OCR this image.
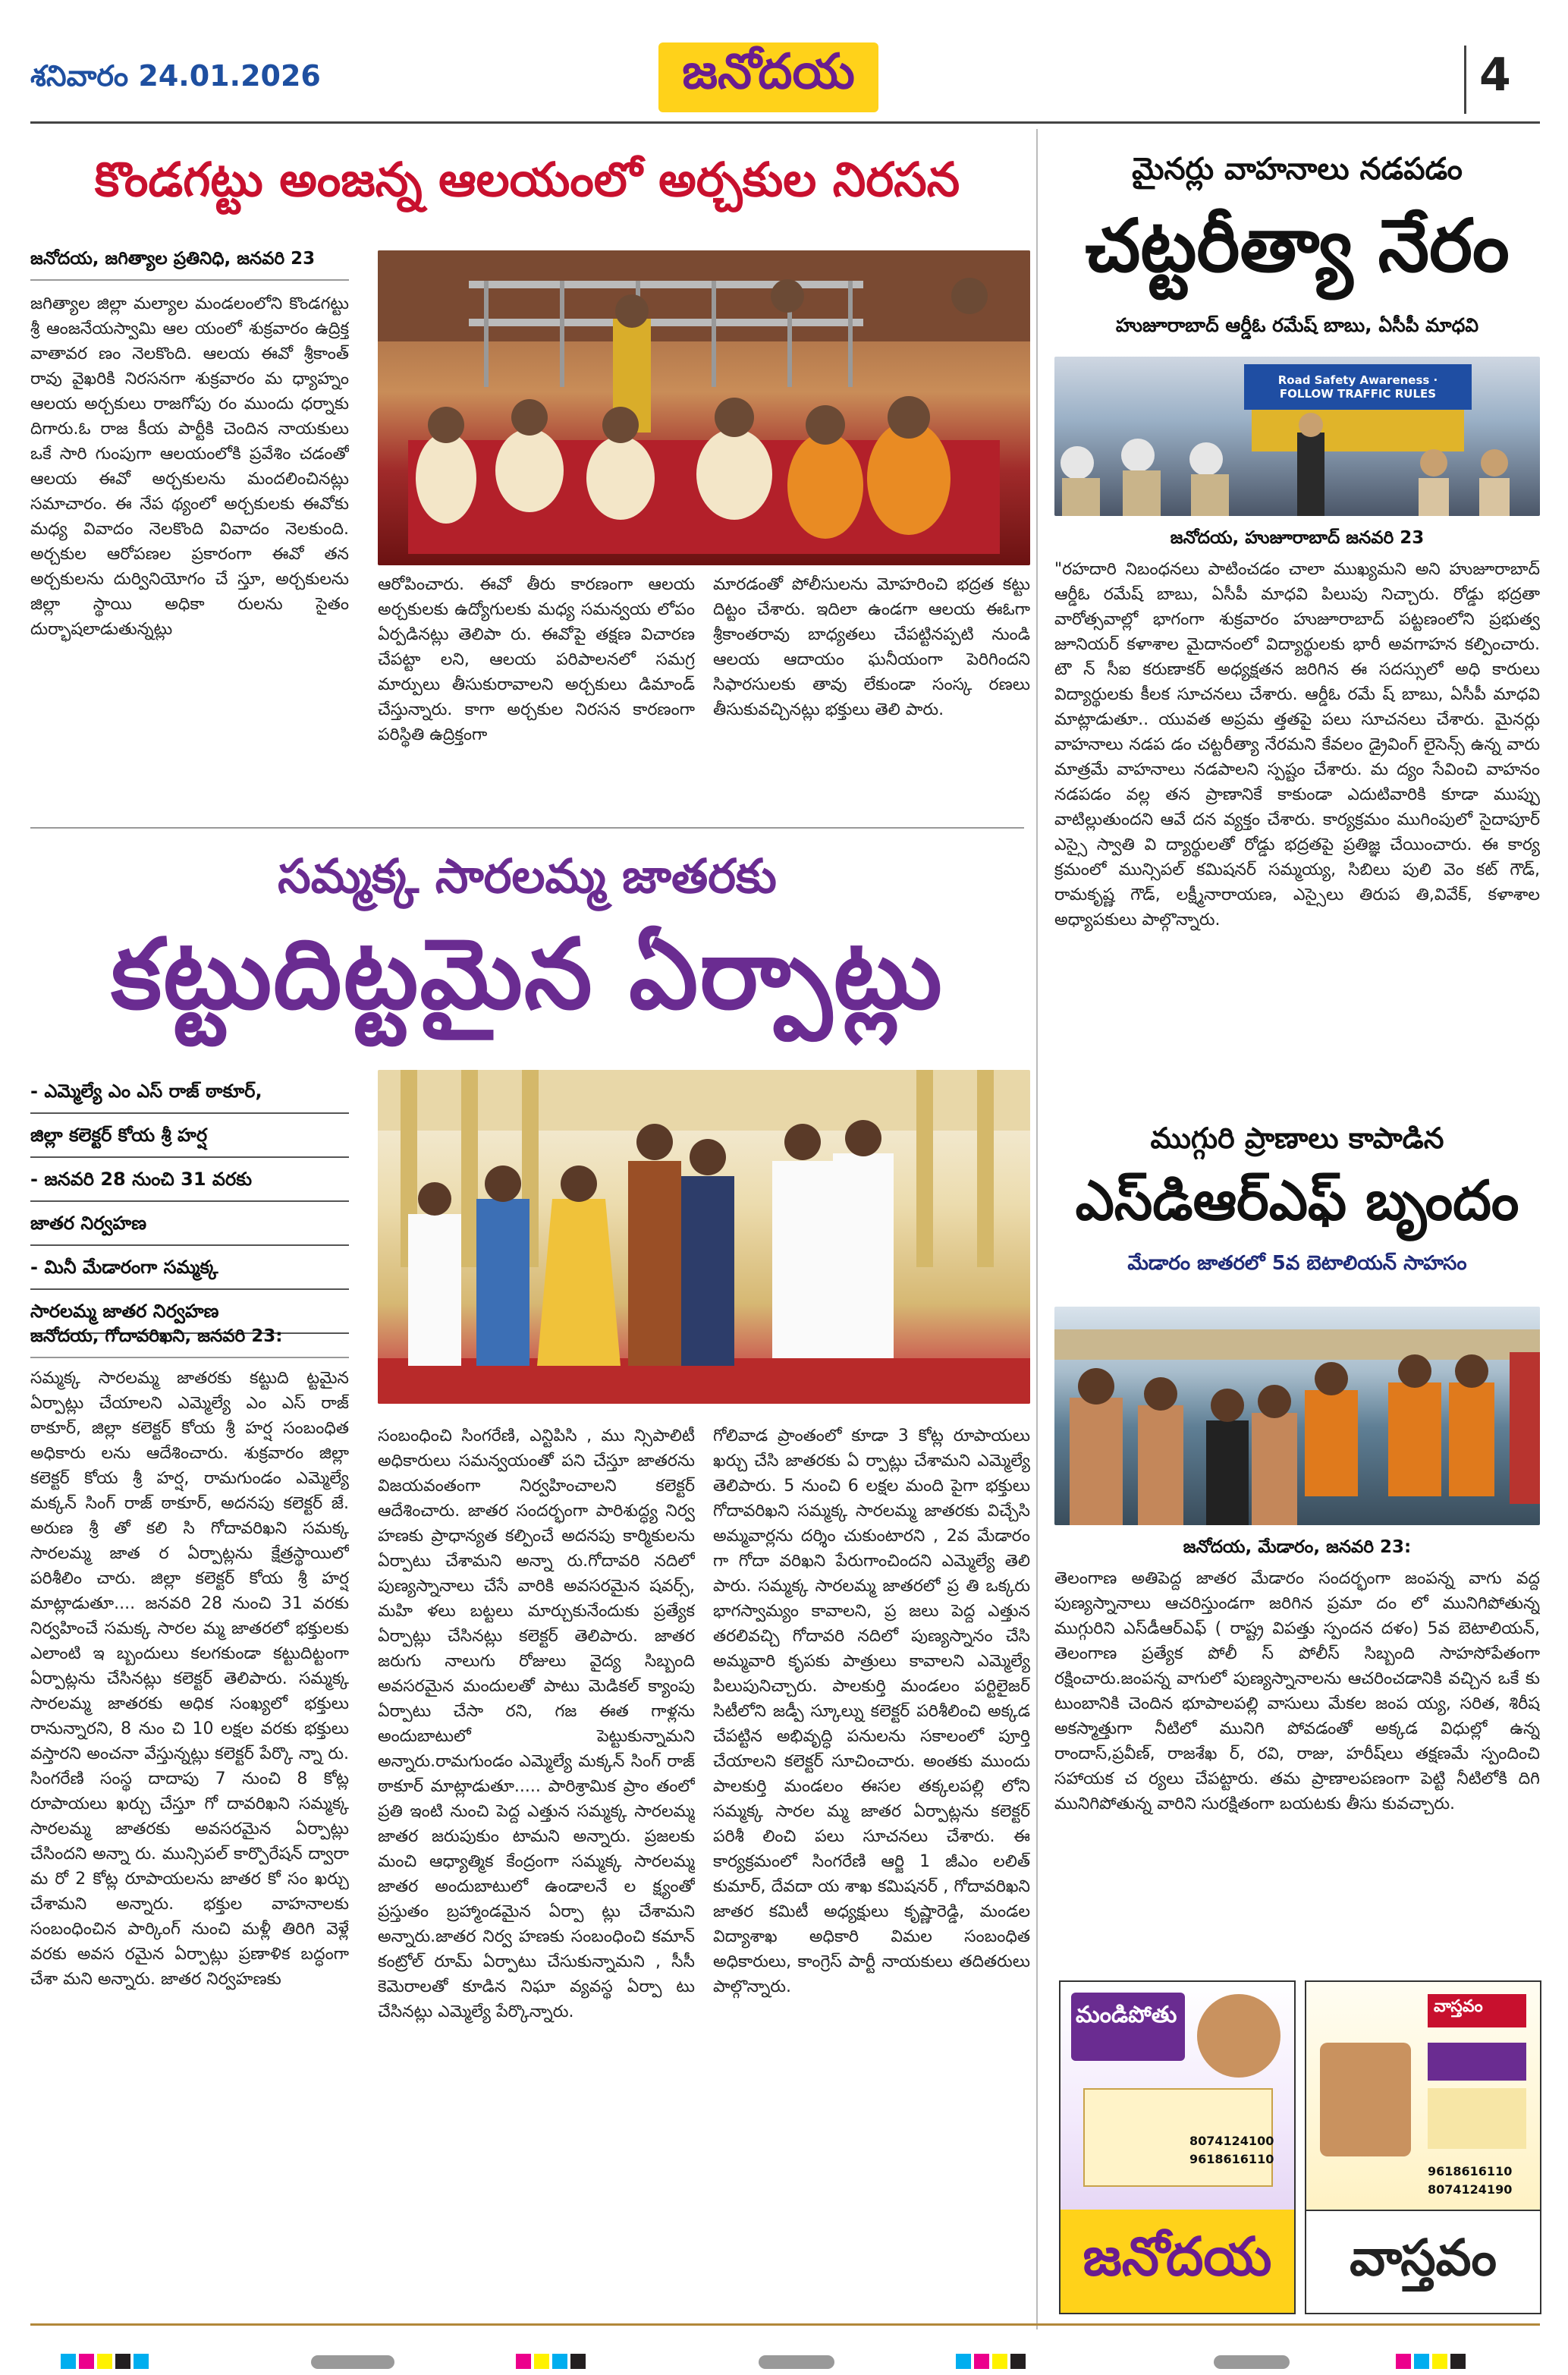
శనివారం 24.01.2026	జనోదయ	4
కొండగట్టు అంజన్న ఆలయంలో అర్చకుల నిరసన
జనోదయ, జగిత్యాల ప్రతినిధి, జనవరి 23
జగిత్యాల జిల్లా మల్యాల మండలంలోని కొండగట్టు శ్రీ ఆంజనేయస్వామి ఆల యంలో శుక్రవారం ఉద్రిక్త వాతావర ణం నెలకొంది. ఆలయ ఈవో శ్రీకాంత్ రావు వైఖరికి నిరసనగా శుక్రవారం మ ధ్యాహ్నం ఆలయ అర్చకులు రాజగోపు రం ముందు ధర్నాకు దిగారు.ఓ రాజ కీయ పార్టీకి చెందిన నాయకులు ఒకే సారి గుంపుగా ఆలయంలోకి ప్రవేశిం చడంతో ఆలయ ఈవో అర్చకులను మందలించినట్లు సమాచారం. ఈ నేప థ్యంలో అర్చకులకు ఈవోకు మధ్య వివాదం నెలకొంది వివాదం నెలకుంది. అర్చకుల ఆరోపణల ప్రకారంగా ఈవో తన అర్చకులను దుర్వినియోగం చే స్తూ, అర్చకులను జిల్లా స్థాయి అధికా రులను సైతం దుర్భాషలాడుతున్నట్లు
ఆరోపించారు. ఈవో తీరు కారణంగా ఆలయ అర్చకులకు ఉద్యోగులకు మధ్య సమన్వయ లోపం ఏర్పడినట్లు తెలిపా రు. ఈవోపై తక్షణ విచారణ చేపట్టా లని, ఆలయ పరిపాలనలో సమగ్ర మార్పులు తీసుకురావాలని అర్చకులు డిమాండ్ చేస్తున్నారు. కాగా అర్చకుల నిరసన కారణంగా పరిస్థితి ఉద్రిక్తంగా
మారడంతో పోలీసులను మోహరించి భద్రత కట్టు దిట్టం చేశారు. ఇదిలా ఉండగా ఆలయ ఈఓగా శ్రీకాంతరావు బాధ్యతలు చేపట్టినప్పటి నుండి ఆలయ ఆదాయం ఘనీయంగా పెరిగిందని సిఫారసులకు తావు లేకుండా సంస్క రణలు తీసుకువచ్చినట్లు భక్తులు తెలి పారు.
సమ్మక్క సారలమ్మ జాతరకు
కట్టుదిట్టమైన ఏర్పాట్లు
- ఎమ్మెల్యే ఎం ఎస్ రాజ్ ఠాకూర్,
జిల్లా కలెక్టర్ కోయ శ్రీ హర్ష
- జనవరి 28 నుంచి 31 వరకు
జాతర నిర్వహణ
- మినీ మేడారంగా సమ్మక్క
సారలమ్మ జాతర నిర్వహణ
జనోదయ, గోదావరిఖని, జనవరి 23:
సమ్మక్క సారలమ్మ జాతరకు కట్టుది ట్టమైన ఏర్పాట్లు చేయాలని ఎమ్మెల్యే ఎం ఎస్ రాజ్ ఠాకూర్, జిల్లా కలెక్టర్ కోయ శ్రీ హర్ష సంబంధిత అధికారు లను ఆదేశించారు. శుక్రవారం జిల్లా కలెక్టర్ కోయ శ్రీ హర్ష, రామగుండం ఎమ్మెల్యే మక్కన్ సింగ్ రాజ్ ఠాకూర్, అదనపు కలెక్టర్ జే. అరుణ శ్రీ తో కలి సి గోదావరిఖని సమక్క సారలమ్మ జాత ర ఏర్పాట్లను క్షేత్రస్థాయిలో పరిశీలిం చారు. జిల్లా కలెక్టర్ కోయ శ్రీ హర్ష మాట్లాడుతూ.... జనవరి 28 నుంచి 31 వరకు నిర్వహించే సమక్క సారల మ్మ జాతరలో భక్తులకు ఎలాంటి ఇ బ్బందులు కలగకుండా కట్టుదిట్టంగా ఏర్పాట్లను చేసినట్లు కలెక్టర్ తెలిపారు. సమ్మక్క సారలమ్మ జాతరకు అధిక సంఖ్యలో భక్తులు రానున్నారని, 8 నుం చి 10 లక్షల వరకు భక్తులు వస్తారని అంచనా వేస్తున్నట్లు కలెక్టర్ పేర్కొ న్నా రు. సింగరేణి సంస్థ దాదాపు 7 నుంచి 8 కోట్ల రూపాయలు ఖర్చు చేస్తూ గో దావరిఖని సమ్మక్క సారలమ్మ జాతరకు అవసరమైన ఏర్పాట్లు చేసిందని అన్నా రు. మున్సిపల్ కార్పొరేషన్ ద్వారా మ రో 2 కోట్ల రూపాయలను జాతర కో సం ఖర్చు చేశామని అన్నారు. భక్తుల వాహనాలకు సంబంధించిన పార్కింగ్ నుంచి మళ్లీ తిరిగి వెళ్లే వరకు అవస రమైన ఏర్పాట్లు ప్రణాళిక బద్ధంగా చేశా మని అన్నారు. జాతర నిర్వహణకు
సంబంధించి సింగరేణి, ఎన్టిపిసి , ము న్సిపాలిటీ అధికారులు సమన్వయంతో పని చేస్తూ జాతరను విజయవంతంగా నిర్వహించాలని కలెక్టర్ ఆదేశించారు. జాతర సందర్భంగా పారిశుద్ధ్య నిర్వ హణకు ప్రాధాన్యత కల్పించే అదనపు కార్మికులను ఏర్పాటు చేశామని అన్నా రు.గోదావరి నదిలో పుణ్యస్నానాలు చేసే వారికి అవసరమైన షవర్స్, మహి ళలు బట్టలు మార్చుకునేందుకు ప్రత్యేక ఏర్పాట్లు చేసినట్లు కలెక్టర్ తెలిపారు. జాతర జరుగు నాలుగు రోజులు వైద్య సిబ్బంది అవసరమైన మందులతో పాటు మెడికల్ క్యాంపు ఏర్పాటు చేసా రని, గజ ఈత గాళ్లను అందుబాటులో పెట్టుకున్నామని అన్నారు.రామగుండం ఎమ్మెల్యే మక్కన్ సింగ్ రాజ్ ఠాకూర్ మాట్లాడుతూ..... పారిశ్రామిక ప్రాం తంలో ప్రతి ఇంటి నుంచి పెద్ద ఎత్తున సమ్మక్క సారలమ్మ జాతర జరుపుకుం టామని అన్నారు. ప్రజలకు మంచి ఆధ్యాత్మిక కేంద్రంగా సమ్మక్క సారలమ్మ జాతర అందుబాటులో ఉండాలనే ల క్ష్యంతో ప్రస్తుతం బ్రహ్మాండమైన ఏర్పా ట్లు చేశామని అన్నారు.జాతర నిర్వ హణకు సంబంధించి కమాన్ కంట్రోల్ రూమ్ ఏర్పాటు చేసుకున్నామని , సీసీ కెమెరాలతో కూడిన నిఘా వ్యవస్థ ఏర్పా టు చేసినట్లు ఎమ్మెల్యే పేర్కొన్నారు.
గోలివాడ ప్రాంతంలో కూడా 3 కోట్ల రూపాయలు ఖర్చు చేసి జాతరకు ఏ ర్పాట్లు చేశామని ఎమ్మెల్యే తెలిపారు. 5 నుంచి 6 లక్షల మంది పైగా భక్తులు గోదావరిఖని సమ్మక్క సారలమ్మ జాతరకు విచ్చేసి అమ్మవార్లను దర్శిం చుకుంటారని , 2వ మేడారం గా గోదా వరిఖని పేరుగాంచిందని ఎమ్మెల్యే తెలి పారు. సమ్మక్క సారలమ్మ జాతరలో ప్ర తి ఒక్కరు భాగస్వామ్యం కావాలని, ప్ర జలు పెద్ద ఎత్తున తరలివచ్చి గోదావరి నదిలో పుణ్యస్నానం చేసి అమ్మవారి కృపకు పాత్రులు కావాలని ఎమ్మెల్యే పిలుపునిచ్చారు. పాలకుర్తి మండలం పర్టిలైజర్ సిటీలోని జడ్పీ స్కూల్ను కలెక్టర్ పరిశీలించి అక్కడ చేపట్టిన అభివృద్ధి పనులను సకాలంలో పూర్తి చేయాలని కలెక్టర్ సూచించారు. అంతకు ముందు పాలకుర్తి మండలం ఈసల తక్కలపల్లి లోని సమ్మక్క సారల మ్మ జాతర ఏర్పాట్లను కలెక్టర్ పరిశీ లించి పలు సూచనలు చేశారు. ఈ కార్యక్రమంలో సింగరేణి ఆర్జి 1 జీఎం లలిత్ కుమార్, దేవదా య శాఖ కమిషనర్ , గోదావరిఖని జాతర కమిటీ అధ్యక్షులు కృష్ణారెడ్డి, మండల విద్యాశాఖ అధికారి విమల సంబంధిత అధికారులు, కాంగ్రెస్ పార్టీ నాయకులు తదితరులు పాల్గొన్నారు.
మైనర్లు వాహనాలు నడపడం
చట్టరీత్యా నేరం
హుజూరాబాద్ ఆర్డీఓ రమేష్ బాబు, ఏసీపీ మాధవి
Road Safety Awareness · FOLLOW TRAFFIC RULES
జనోదయ, హుజూరాబాద్ జనవరి 23
"రహదారి నిబంధనలు పాటించడం చాలా ముఖ్యమని అని హుజూరాబాద్ ఆర్డీఓ రమేష్ బాబు, ఏసీపీ మాధవి పిలుపు నిచ్చారు. రోడ్డు భద్రతా వారోత్సవాల్లో భాగంగా శుక్రవారం హుజూరాబాద్ పట్టణంలోని ప్రభుత్వ జూనియర్ కళాశాల మైదానంలో విద్యార్థులకు భారీ అవగాహన కల్పించారు. టౌ న్ సీఐ కరుణాకర్ అధ్యక్షతన జరిగిన ఈ సదస్సులో అధి కారులు విద్యార్థులకు కీలక సూచనలు చేశారు. ఆర్డీఓ రమే ష్ బాబు, ఏసీపీ మాధవి మాట్లాడుతూ.. యువత అప్రమ త్తతపై పలు సూచనలు చేశారు. మైనర్లు వాహనాలు నడప డం చట్టరీత్యా నేరమని కేవలం డ్రైవింగ్ లైసెన్స్ ఉన్న వారు మాత్రమే వాహనాలు నడపాలని స్పష్టం చేశారు. మ ద్యం సేవించి వాహనం నడపడం వల్ల తన ప్రాణానికే కాకుండా ఎదుటివారికి కూడా ముప్పు వాటిల్లుతుందని ఆవే దన వ్యక్తం చేశారు. కార్యక్రమం ముగింపులో సైదాపూర్ ఎస్సై స్వాతి వి ద్యార్థులతో రోడ్డు భద్రతపై ప్రతిజ్ఞ చేయించారు. ఈ కార్య క్రమంలో మున్సిపల్ కమిషనర్ సమ్మయ్య, సిబిలు పులి వెం కట్ గౌడ్, రామకృష్ణ గౌడ్, లక్ష్మీనారాయణ, ఎస్సైలు తిరుప తి,వివేక్, కళాశాల అధ్యాపకులు పాల్గొన్నారు.
ముగ్గురి ప్రాణాలు కాపాడిన
ఎస్‌డిఆర్ఎఫ్ బృందం
మేడారం జాతరలో 5వ బెటాలియన్ సాహసం
జనోదయ, మేడారం, జనవరి 23:
తెలంగాణ అతిపెద్ద జాతర మేడారం సందర్భంగా జంపన్న వాగు వద్ద పుణ్యస్నానాలు ఆచరిస్తుండగా జరిగిన ప్రమా దం లో మునిగిపోతున్న ముగ్గురిని ఎస్‌డీఆర్ఎఫ్ ( రాష్ట్ర విపత్తు స్పందన దళం) 5వ బెటాలియన్, తెలంగాణ ప్రత్యేక పోలీ స్ పోలీస్ సిబ్బంది సాహసోపేతంగా రక్షించారు.జంపన్న వాగులో పుణ్యస్నానాలను ఆచరించడానికి వచ్చిన ఒకే కు టుంబానికి చెందిన భూపాలపల్లి వాసులు మేకల జంప య్య, సరిత, శిరీష అకస్మాత్తుగా నీటిలో మునిగి పోవడంతో అక్కడ విధుల్లో ఉన్న రాందాస్,ప్రవీణ్, రాజశేఖ ర్, రవి, రాజు, హరీష్‌లు తక్షణమే స్పందించి సహాయక చ ర్యలు చేపట్టారు. తమ ప్రాణాలపణంగా పెట్టి నీటిలోకి దిగి మునిగిపోతున్న వారిని సురక్షితంగా బయటకు తీసు కువచ్చారు.
మండిపోతు
8074124100
9618616110
జనోదయ
వాస్తవం
9618616110
8074124190
వాస్తవం
